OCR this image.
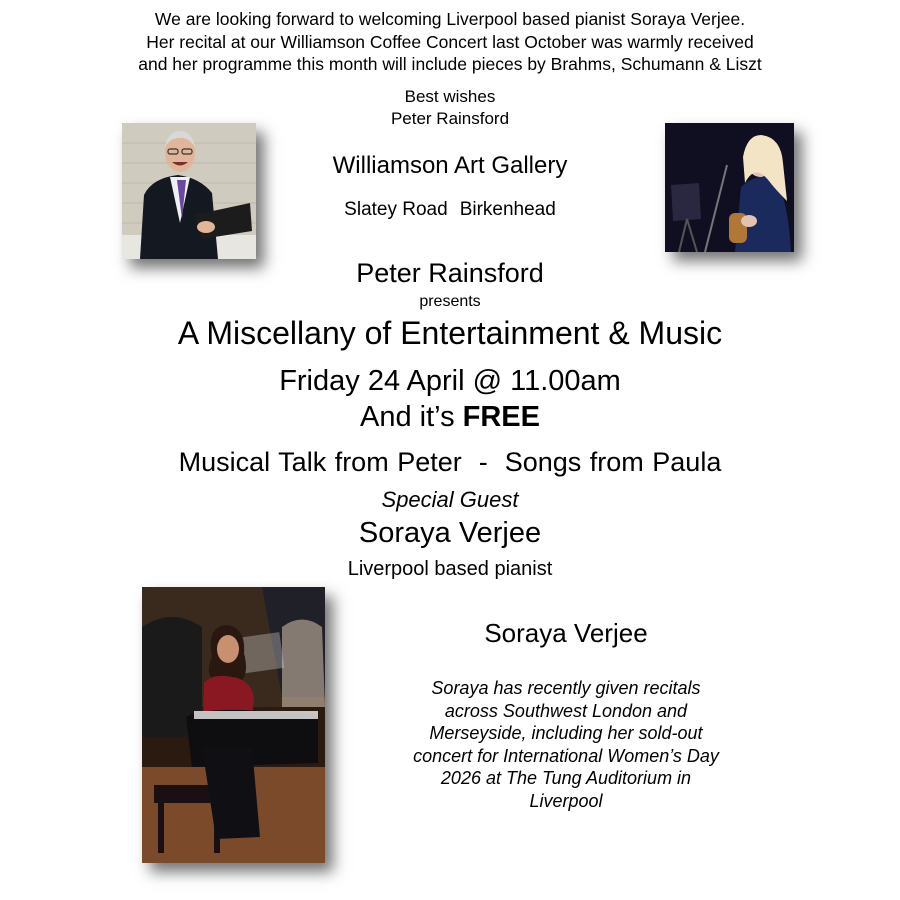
We are looking forward to welcoming Liverpool based pianist Soraya Verjee.
Her recital at our Williamson Coffee Concert last October was warmly received
and her programme this month will include pieces by Brahms, Schumann & Liszt
Best wishes
Peter Rainsford
Williamson Art Gallery
Slatey Road Birkenhead
Peter Rainsford
presents
A Miscellany of Entertainment & Music
Friday 24 April @ 11.00am
And it’s FREE
Musical Talk from Peter  -  Songs from Paula
Special Guest
Soraya Verjee
Liverpool based pianist
Soraya Verjee
Soraya has recently given recitals
across Southwest London and
Merseyside, including her sold-out
concert for International Women’s Day
2026 at The Tung Auditorium in
Liverpool
